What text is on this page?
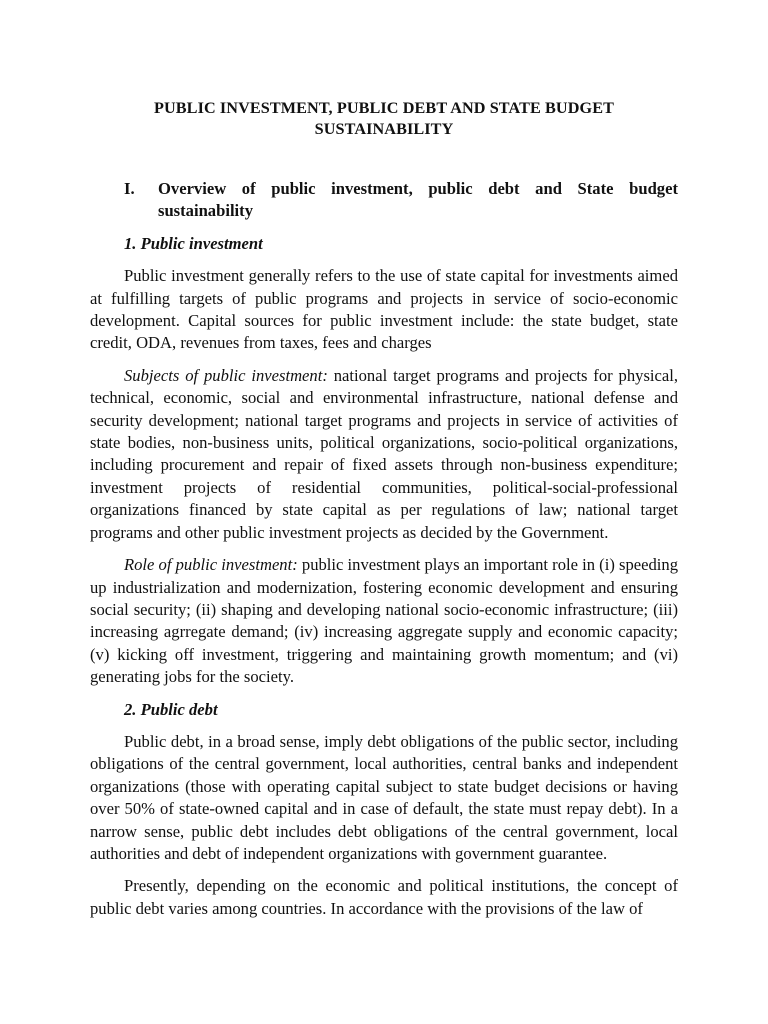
PUBLIC INVESTMENT, PUBLIC DEBT AND STATE BUDGET
SUSTAINABILITY
I.	Overview of public investment, public debt and State budget sustainability
1. Public investment

Public investment generally refers to the use of state capital for investments aimed at fulfilling targets of public programs and projects in service of socio-economic development. Capital sources for public investment include: the state budget, state credit, ODA, revenues from taxes, fees and charges

Subjects of public investment: national target programs and projects for physical, technical, economic, social and environmental infrastructure, national defense and security development; national target programs and projects in service of activities of state bodies, non-business units, political organizations, socio-political organizations, including procurement and repair of fixed assets through non-business expenditure; investment projects of residential communities, political-social-professional organizations financed by state capital as per regulations of law; national target programs and other public investment projects as decided by the Government.

Role of public investment: public investment plays an important role in (i) speeding up industrialization and modernization, fostering economic development and ensuring social security; (ii) shaping and developing national socio-economic infrastructure; (iii) increasing agrregate demand; (iv) increasing aggregate supply and economic capacity; (v) kicking off investment, triggering and maintaining growth momentum; and (vi) generating jobs for the society.

2. Public debt

Public debt, in a broad sense, imply debt obligations of the public sector, including obligations of the central government, local authorities, central banks and independent organizations (those with operating capital subject to state budget decisions or having over 50% of state-owned capital and in case of default, the state must repay debt). In a narrow sense, public debt includes debt obligations of the central government, local authorities and debt of independent organizations with government guarantee.

Presently, depending on the economic and political institutions, the concept of public debt varies among countries. In accordance with the provisions of the law of
